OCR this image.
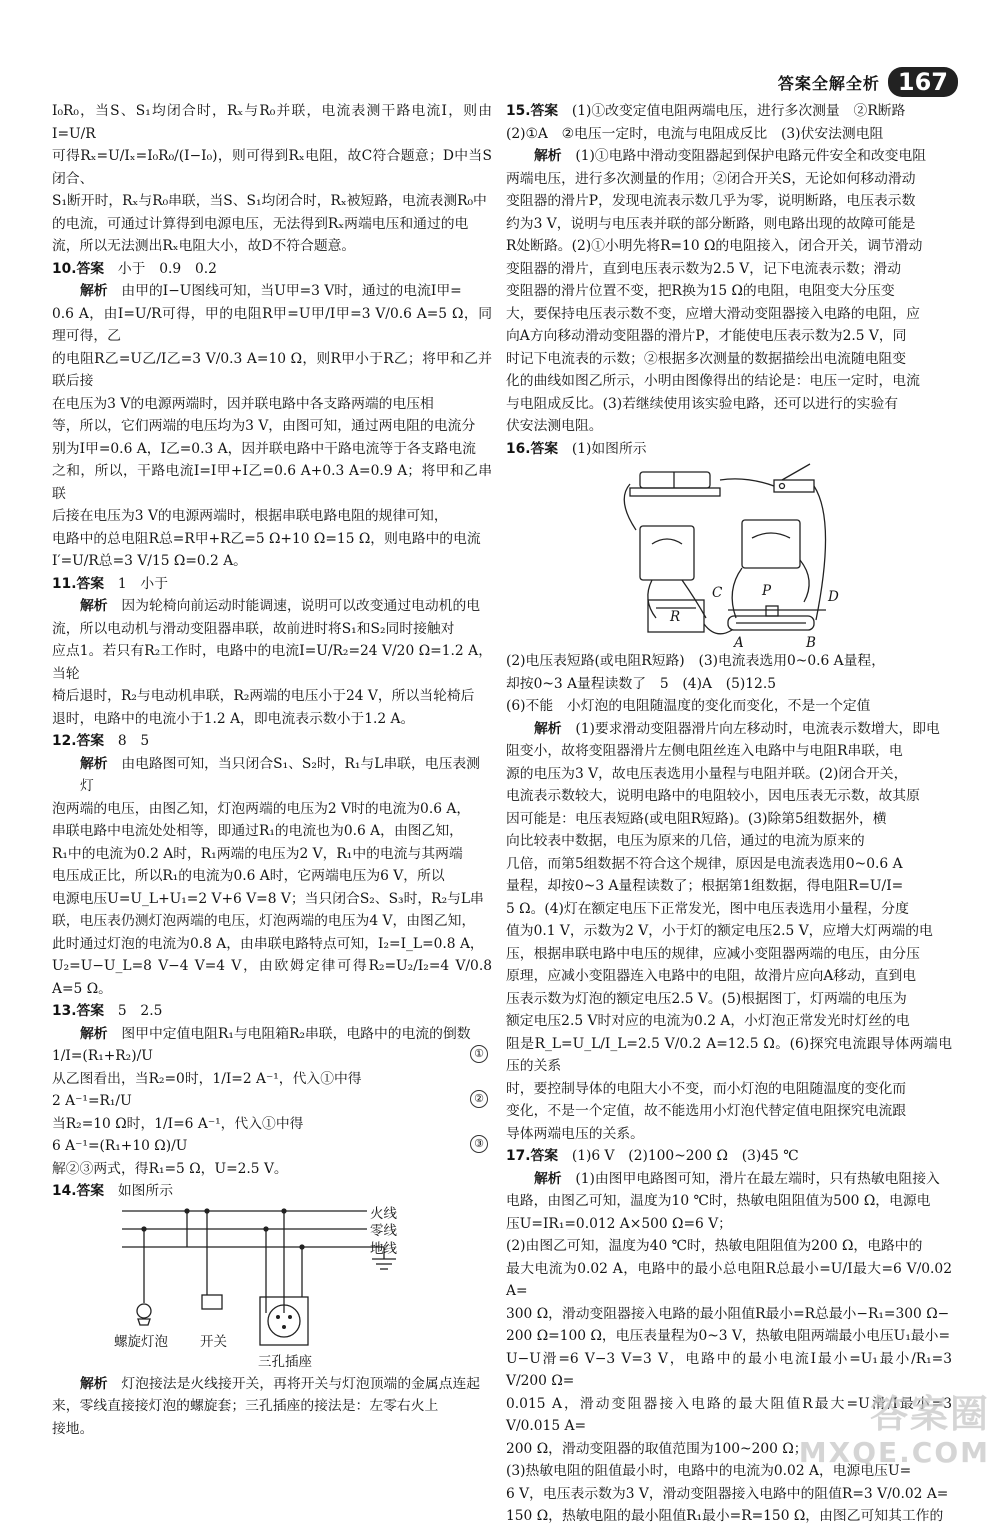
答案全解全析 167
I₀R₀，当S、S₁均闭合时，Rₓ与R₀并联，电流表测干路电流I，则由I=U/R
可得Rₓ=U/Iₓ=I₀R₀/(I−I₀)，则可得到Rₓ电阻，故C符合题意；D中当S闭合、
S₁断开时，Rₓ与R₀串联，当S、S₁均闭合时，Rₓ被短路，电流表测R₀中
的电流，可通过计算得到电源电压，无法得到Rₓ两端电压和通过的电
流，所以无法测出Rₓ电阻大小，故D不符合题意。
10.答案　 小于　0.9　0.2
解析　 由甲的I−U图线可知，当U甲=3 V时，通过的电流I甲=
0.6 A，由I=U/R可得，甲的电阻R甲=U甲/I甲=3 V/0.6 A=5 Ω，同理可得，乙
的电阻R乙=U乙/I乙=3 V/0.3 A=10 Ω，则R甲小于R乙；将甲和乙并联后接
在电压为3 V的电源两端时，因并联电路中各支路两端的电压相
等，所以，它们两端的电压均为3 V，由图可知，通过两电阻的电流分
别为I甲=0.6 A，I乙=0.3 A，因并联电路中干路电流等于各支路电流
之和，所以，干路电流I=I甲+I乙=0.6 A+0.3 A=0.9 A；将甲和乙串联
后接在电压为3 V的电源两端时，根据串联电路电阻的规律可知，
电路中的总电阻R总=R甲+R乙=5 Ω+10 Ω=15 Ω，则电路中的电流
I′=U/R总=3 V/15 Ω=0.2 A。
11.答案　 1　小于
解析　 因为轮椅向前运动时能调速，说明可以改变通过电动机的电
流，所以电动机与滑动变阻器串联，故前进时将S₁和S₂同时接触对
应点1。若只有R₂工作时，电路中的电流I=U/R₂=24 V/20 Ω=1.2 A，当轮
椅后退时，R₂与电动机串联，R₂两端的电压小于24 V，所以当轮椅后
退时，电路中的电流小于1.2 A，即电流表示数小于1.2 A。
12.答案　 8　5
解析　 由电路图可知，当只闭合S₁、S₂时，R₁与L串联，电压表测灯
泡两端的电压，由图乙知，灯泡两端的电压为2 V时的电流为0.6 A，
串联电路中电流处处相等，即通过R₁的电流也为0.6 A，由图乙知，
R₁中的电流为0.2 A时，R₁两端的电压为2 V，R₁中的电流与其两端
电压成正比，所以R₁的电流为0.6 A时，它两端电压为6 V，所以
电源电压U=U_L+U₁=2 V+6 V=8 V；当只闭合S₂、S₃时，R₂与L串
联，电压表仍测灯泡两端的电压，灯泡两端的电压为4 V，由图乙知，
此时通过灯泡的电流为0.8 A，由串联电路特点可知，I₂=I_L=0.8 A，
U₂=U−U_L=8 V−4 V=4 V，由欧姆定律可得R₂=U₂/I₂=4 V/0.8 A=5 Ω。
13.答案　 5　2.5
解析　 图甲中定值电阻R₁与电阻箱R₂串联，电路中的电流的倒数
1/I=(R₁+R₂)/U	①
从乙图看出，当R₂=0时，1/I=2 A⁻¹，代入①中得
2 A⁻¹=R₁/U	②
当R₂=10 Ω时，1/I=6 A⁻¹，代入①中得
6 A⁻¹=(R₁+10 Ω)/U	③
解②③两式，得R₁=5 Ω，U=2.5 V。
14.答案　 如图所示
火线
零线
地线
螺旋灯泡 开关
三孔插座
解析　 灯泡接法是火线接开关，再将开关与灯泡顶端的金属点连起
来，零线直接接灯泡的螺旋套；三孔插座的接法是：左零右火上
接地。
15.答案　 (1)①改变定值电阻两端电压，进行多次测量　②R断路
(2)①A　②电压一定时，电流与电阻成反比　(3)伏安法测电阻
解析　 (1)①电路中滑动变阻器起到保护电路元件安全和改变电阻
两端电压，进行多次测量的作用；②闭合开关S，无论如何移动滑动
变阻器的滑片P，发现电流表示数几乎为零，说明断路，电压表示数
约为3 V，说明与电压表并联的部分断路，则电路出现的故障可能是
R处断路。(2)①小明先将R=10 Ω的电阻接入，闭合开关，调节滑动
变阻器的滑片，直到电压表示数为2.5 V，记下电流表示数；滑动
变阻器的滑片位置不变，把R换为15 Ω的电阻，电阻变大分压变
大，要保持电压表示数不变，应增大滑动变阻器接入电路的电阻，应
向A方向移动滑动变阻器的滑片P，才能使电压表示数为2.5 V，同
时记下电流表的示数；②根据多次测量的数据描绘出电流随电阻变
化的曲线如图乙所示，小明由图像得出的结论是：电压一定时，电流
与电阻成反比。(3)若继续使用该实验电路，还可以进行的实验有
伏安法测电阻。
16.答案　 (1)如图所示
C	P	D
A	B
R
(2)电压表短路(或电阻R短路)　(3)电流表选用0~0.6 A量程，
却按0~3 A量程读数了　5　(4)A　(5)12.5
(6)不能　小灯泡的电阻随温度的变化而变化，不是一个定值
解析　 (1)要求滑动变阻器滑片向左移动时，电流表示数增大，即电
阻变小，故将变阻器滑片左侧电阻丝连入电路中与电阻R串联，电
源的电压为3 V，故电压表选用小量程与电阻并联。(2)闭合开关，
电流表示数较大，说明电路中的电阻较小，因电压表无示数，故其原
因可能是：电压表短路(或电阻R短路)。(3)除第5组数据外，横
向比较表中数据，电压为原来的几倍，通过的电流为原来的
几倍，而第5组数据不符合这个规律，原因是电流表选用0~0.6 A
量程，却按0~3 A量程读数了；根据第1组数据，得电阻R=U/I=
5 Ω。(4)灯在额定电压下正常发光，图中电压表选用小量程，分度
值为0.1 V，示数为2 V，小于灯的额定电压2.5 V，应增大灯两端的电
压，根据串联电路中电压的规律，应减小变阻器两端的电压，由分压
原理，应减小变阻器连入电路中的电阻，故滑片应向A移动，直到电
压表示数为灯泡的额定电压2.5 V。(5)根据图丁，灯两端的电压为
额定电压2.5 V时对应的电流为0.2 A，小灯泡正常发光时灯丝的电
阻是R_L=U_L/I_L=2.5 V/0.2 A=12.5 Ω。(6)探究电流跟导体两端电压的关系
时，要控制导体的电阻大小不变，而小灯泡的电阻随温度的变化而
变化，不是一个定值，故不能选用小灯泡代替定值电阻探究电流跟
导体两端电压的关系。
17.答案　 (1)6 V　(2)100~200 Ω　(3)45 ℃
解析　 (1)由图甲电路图可知，滑片在最左端时，只有热敏电阻接入
电路，由图乙可知，温度为10 ℃时，热敏电阻阻值为500 Ω，电源电
压U=IR₁=0.012 A×500 Ω=6 V；
(2)由图乙可知，温度为40 ℃时，热敏电阻阻值为200 Ω，电路中的
最大电流为0.02 A，电路中的最小总电阻R总最小=U/I最大=6 V/0.02 A=
300 Ω，滑动变阻器接入电路的最小阻值R最小=R总最小−R₁=300 Ω−
200 Ω=100 Ω，电压表量程为0~3 V，热敏电阻两端最小电压U₁最小=
U−U滑=6 V−3 V=3 V，电路中的最小电流I最小=U₁最小/R₁=3 V/200 Ω=
0.015 A，滑动变阻器接入电路的最大阻值R最大=U滑/I最小=3 V/0.015 A=
200 Ω，滑动变阻器的取值范围为100~200 Ω；
(3)热敏电阻的阻值最小时，电路中的电流为0.02 A，电源电压U=
6 V，电压表示数为3 V，滑动变阻器接入电路中的阻值R=3 V/0.02 A=
150 Ω，热敏电阻的最小阻值R₁最小=R=150 Ω，由图乙可知其工作的
答案圈
MXQE.COM
